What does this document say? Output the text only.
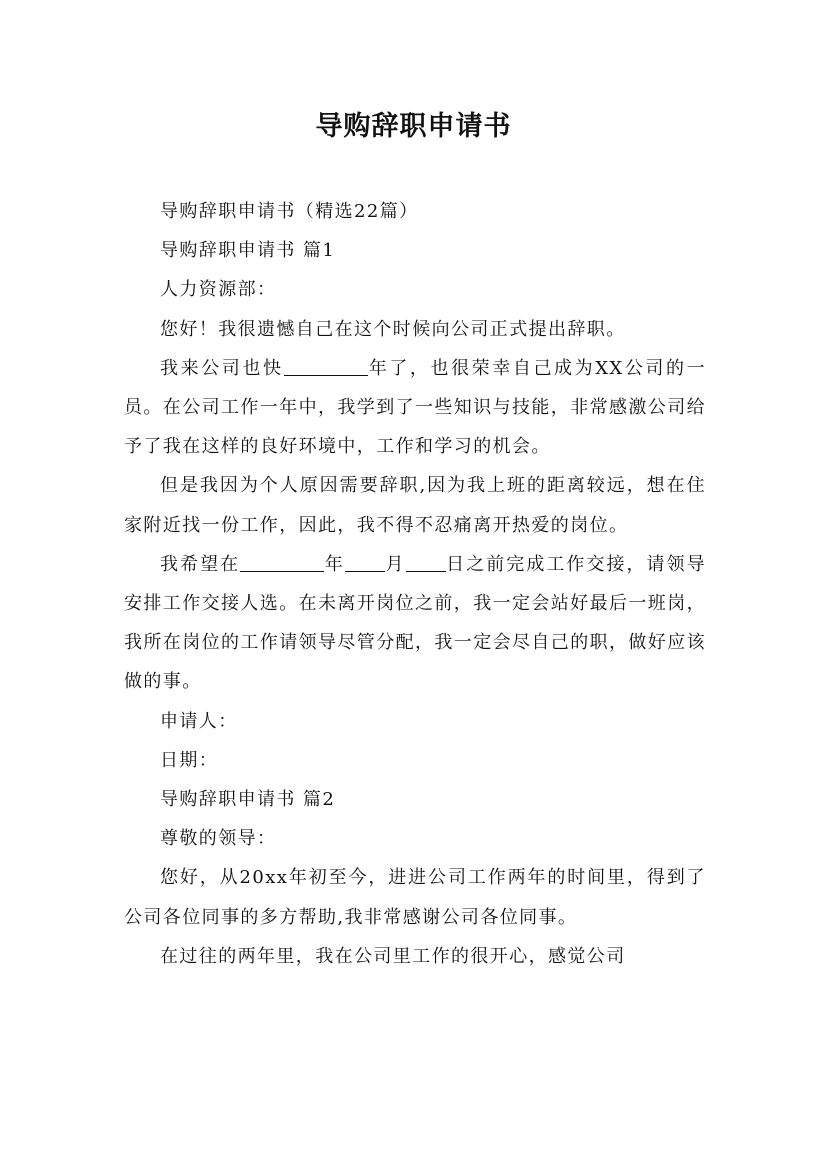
导购辞职申请书

导购辞职申请书（精选22篇）

导购辞职申请书 篇1

人力资源部：

您好！我很遗憾自己在这个时候向公司正式提出辞职。

我来公司也快	年了，也很荣幸自己成为XX公司的一员。在公司工作一年中，我学到了一些知识与技能，非常感激公司给予了我在这样的良好环境中，工作和学习的机会。

但是我因为个人原因需要辞职,因为我上班的距离较远，想在住家附近找一份工作，因此，我不得不忍痛离开热爱的岗位。

我希望在	年 月 日之前完成工作交接，请领导安排工作交接人选。在未离开岗位之前，我一定会站好最后一班岗，我所在岗位的工作请领导尽管分配，我一定会尽自己的职，做好应该做的事。

申请人：

日期：

导购辞职申请书 篇2

尊敬的领导：

您好，从20xx年初至今，进进公司工作两年的时间里，得到了公司各位同事的多方帮助,我非常感谢公司各位同事。

在过往的两年里，我在公司里工作的很开心，感觉公司
